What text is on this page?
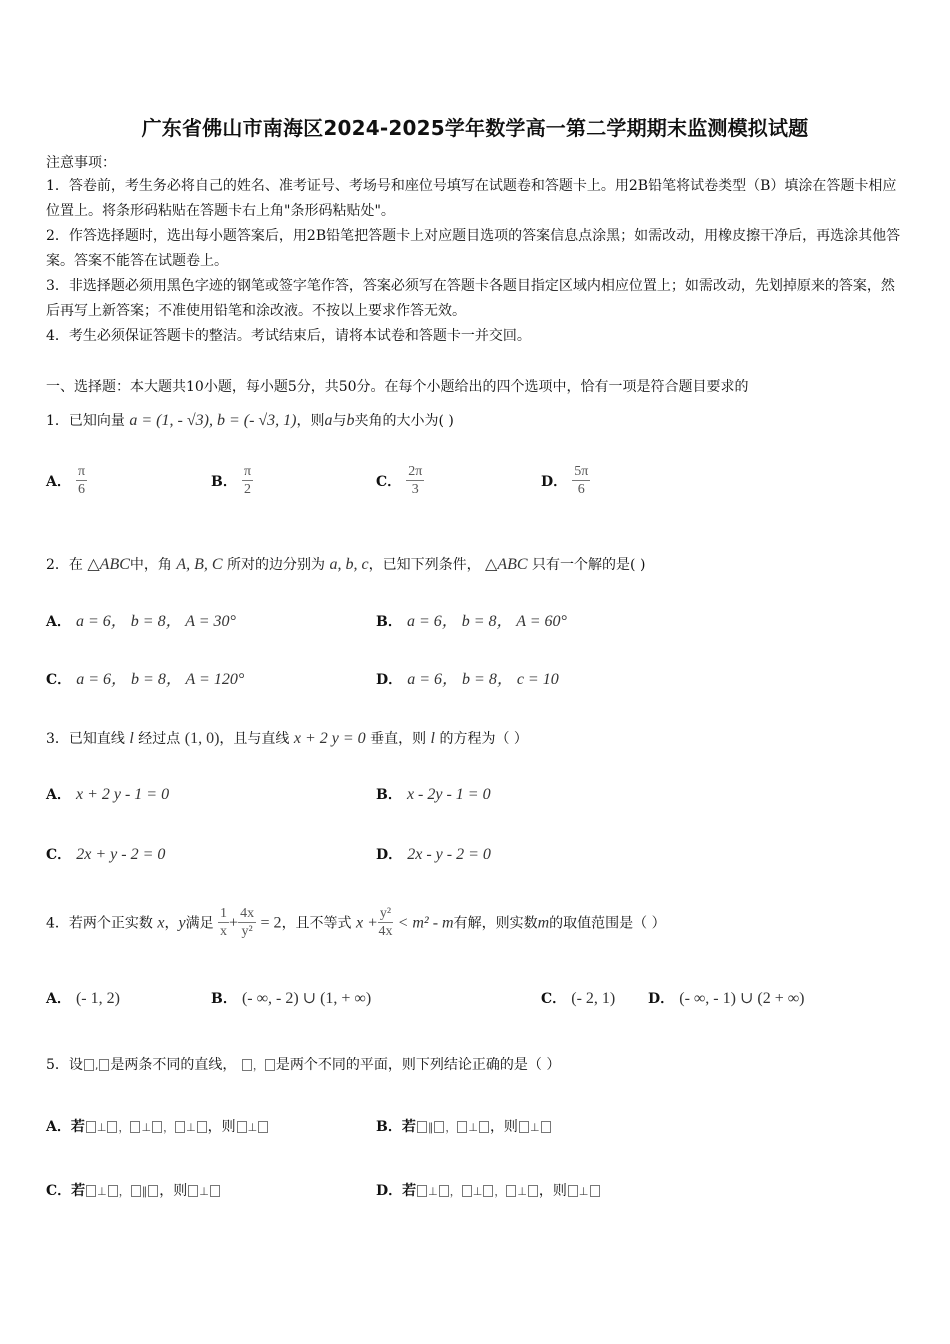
广东省佛山市南海区2024-2025学年数学高一第二学期期末监测模拟试题
注意事项：

1．答卷前，考生务必将自己的姓名、准考证号、考场号和座位号填写在试题卷和答题卡上。用2B铅笔将试卷类型（B）填涂在答题卡相应位置上。将条形码粘贴在答题卡右上角"条形码粘贴处"。

2．作答选择题时，选出每小题答案后，用2B铅笔把答题卡上对应题目选项的答案信息点涂黑；如需改动，用橡皮擦干净后，再选涂其他答案。答案不能答在试题卷上。

3．非选择题必须用黑色字迹的钢笔或签字笔作答，答案必须写在答题卡各题目指定区域内相应位置上；如需改动，先划掉原来的答案，然后再写上新答案；不准使用铅笔和涂改液。不按以上要求作答无效。

4．考生必须保证答题卡的整洁。考试结束后，请将本试卷和答题卡一并交回。

一、选择题：本大题共10小题，每小题5分，共50分。在每个小题给出的四个选项中，恰有一项是符合题目要求的
1．已知向量 a = (1, - √3), b = (- √3, 1)，则a与b夹角的大小为( )
A． $\frac{\pi}{6}$	B． $\frac{\pi}{2}$	C． $\frac{2\pi}{3}$	D． $\frac{5\pi}{6}$
2．在 △ABC中，角 A, B, C 所对的边分别为 a, b, c，已知下列条件， △ABC 只有一个解的是( )
A． a = 6， b = 8， A = 30°	B． a = 6， b = 8， A = 60°
C． a = 6， b = 8， A = 120°	D． a = 6， b = 8， c = 10
3．已知直线 l 经过点 (1, 0)，且与直线 x + 2 y = 0 垂直，则 l 的方程为（ ）
A． x + 2 y - 1 = 0	B． x - 2y - 1 = 0
C． 2x + y - 2 = 0	D． 2x - y - 2 = 0
4．若两个正实数 x，y满足 $\frac{1}{x} + \frac{4x}{\text{y²}} = 2$，且不等式 $x + \frac{\text{y²}}{4x} < m^2 - m$有解，则实数m的取值范围是（ ）
A． (- 1, 2)	B． (- ∞, - 2) ∪ (1, + ∞)	C． (- 2, 1) D． (- ∞, - 1) ∪ (2 + ∞)
5．设 , 是两条不同的直线， ， 是两个不同的平面，则下列结论正确的是（ ）
A．若 ⊥ ， ⊥ ， ⊥ ，则 ⊥	B．若 ∥ ， ⊥ ，则 ⊥
C．若 ⊥ ， ∥ ，则 ⊥	D．若 ⊥ ， ⊥ ， ⊥ ，则 ⊥
